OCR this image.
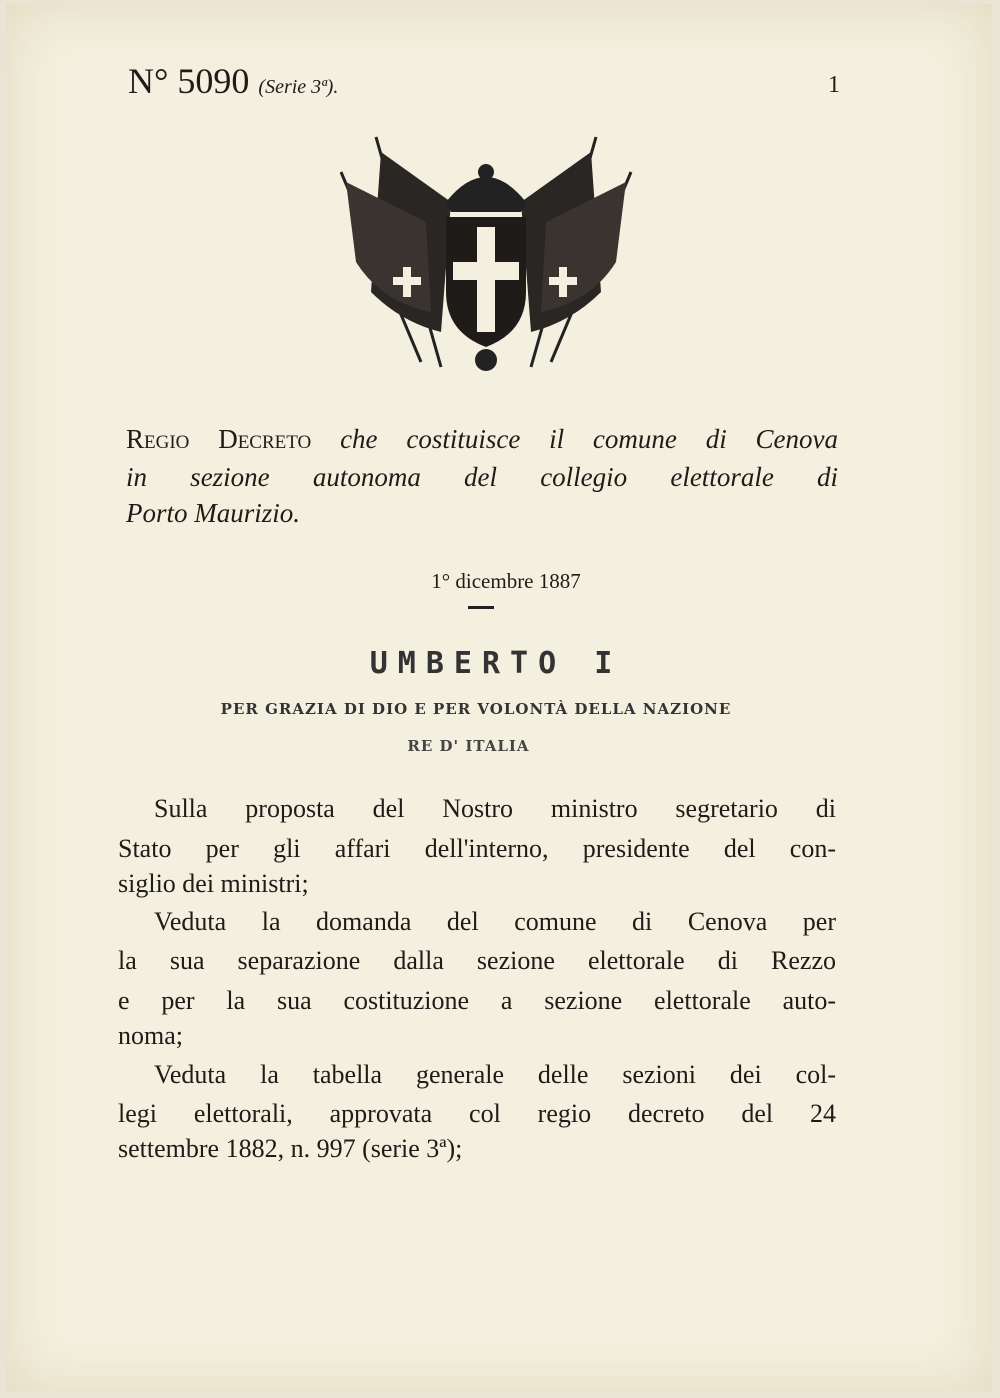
N° 5090 (Serie 3ª).	1
Regio Decreto che costituisce il comune di Cenova
in sezione autonoma del collegio elettorale di
Porto Maurizio.
1° dicembre 1887
UMBERTO I
PER GRAZIA DI DIO E PER VOLONTÀ DELLA NAZIONE
RE D' ITALIA
Sulla proposta del Nostro ministro segretario di
Stato per gli affari dell'interno, presidente del con-
siglio dei ministri;
Veduta la domanda del comune di Cenova per
la sua separazione dalla sezione elettorale di Rezzo
e per la sua costituzione a sezione elettorale auto-
noma;
Veduta la tabella generale delle sezioni dei col-
legi elettorali, approvata col regio decreto del 24
settembre 1882, n. 997 (serie 3ª);
